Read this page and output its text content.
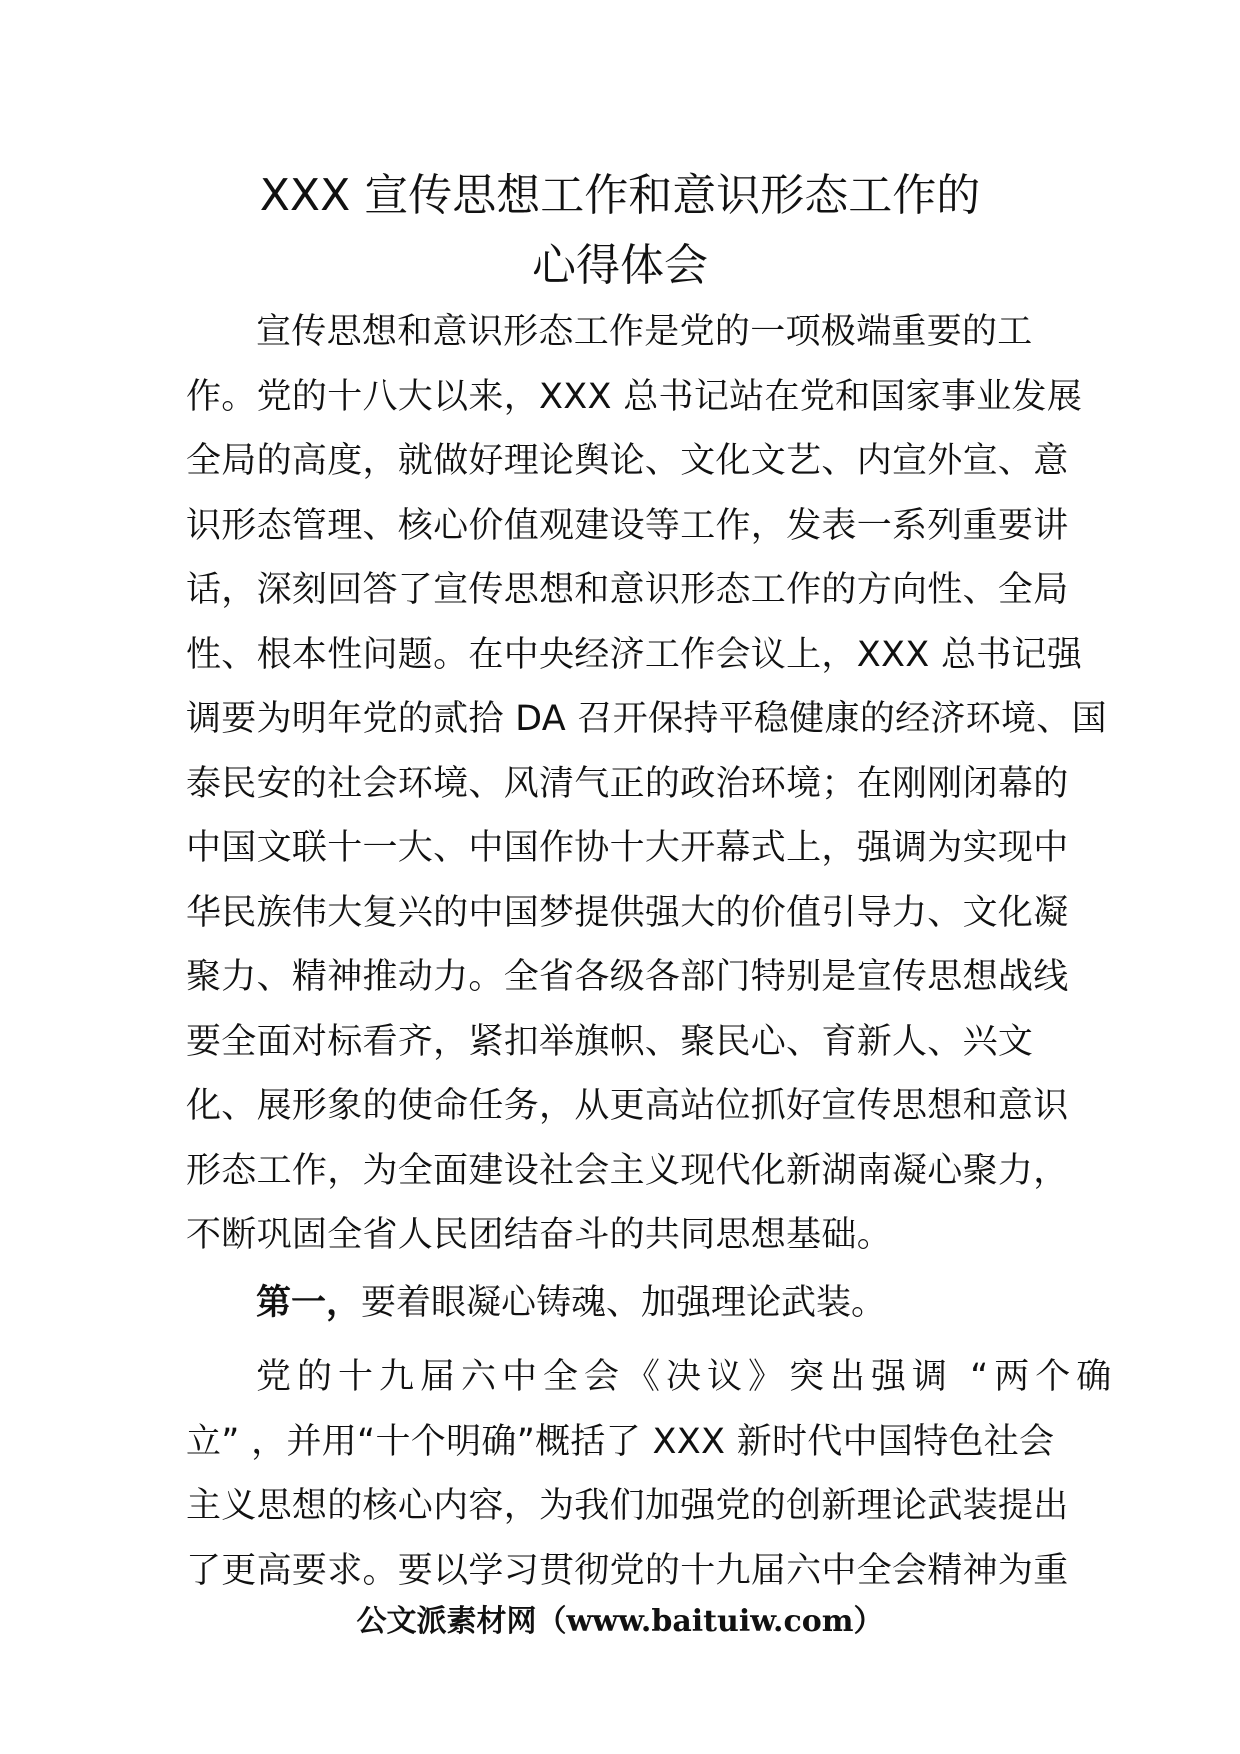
XXX 宣传思想工作和意识形态工作的
心得体会
宣传思想和意识形态工作是党的一项极端重要的工
作。党的十八大以来，XXX 总书记站在党和国家事业发展
全局的高度，就做好理论舆论、文化文艺、内宣外宣、意
识形态管理、核心价值观建设等工作，发表一系列重要讲
话，深刻回答了宣传思想和意识形态工作的方向性、全局
性、根本性问题。在中央经济工作会议上，XXX 总书记强
调要为明年党的贰拾 DA 召开保持平稳健康的经济环境、国
泰民安的社会环境、风清气正的政治环境；在刚刚闭幕的
中国文联十一大、中国作协十大开幕式上，强调为实现中
华民族伟大复兴的中国梦提供强大的价值引导力、文化凝
聚力、精神推动力。全省各级各部门特别是宣传思想战线
要全面对标看齐，紧扣举旗帜、聚民心、育新人、兴文
化、展形象的使命任务，从更高站位抓好宣传思想和意识
形态工作，为全面建设社会主义现代化新湖南凝心聚力，
不断巩固全省人民团结奋斗的共同思想基础。
第一，要着眼凝心铸魂、加强理论武装。
党的十九届六中全会《决议》突出强调 “两个确
立” ，并用“十个明确”概括了 XXX 新时代中国特色社会
主义思想的核心内容，为我们加强党的创新理论武装提出
了更高要求。要以学习贯彻党的十九届六中全会精神为重
公文派素材网（www.baituiw.com）
